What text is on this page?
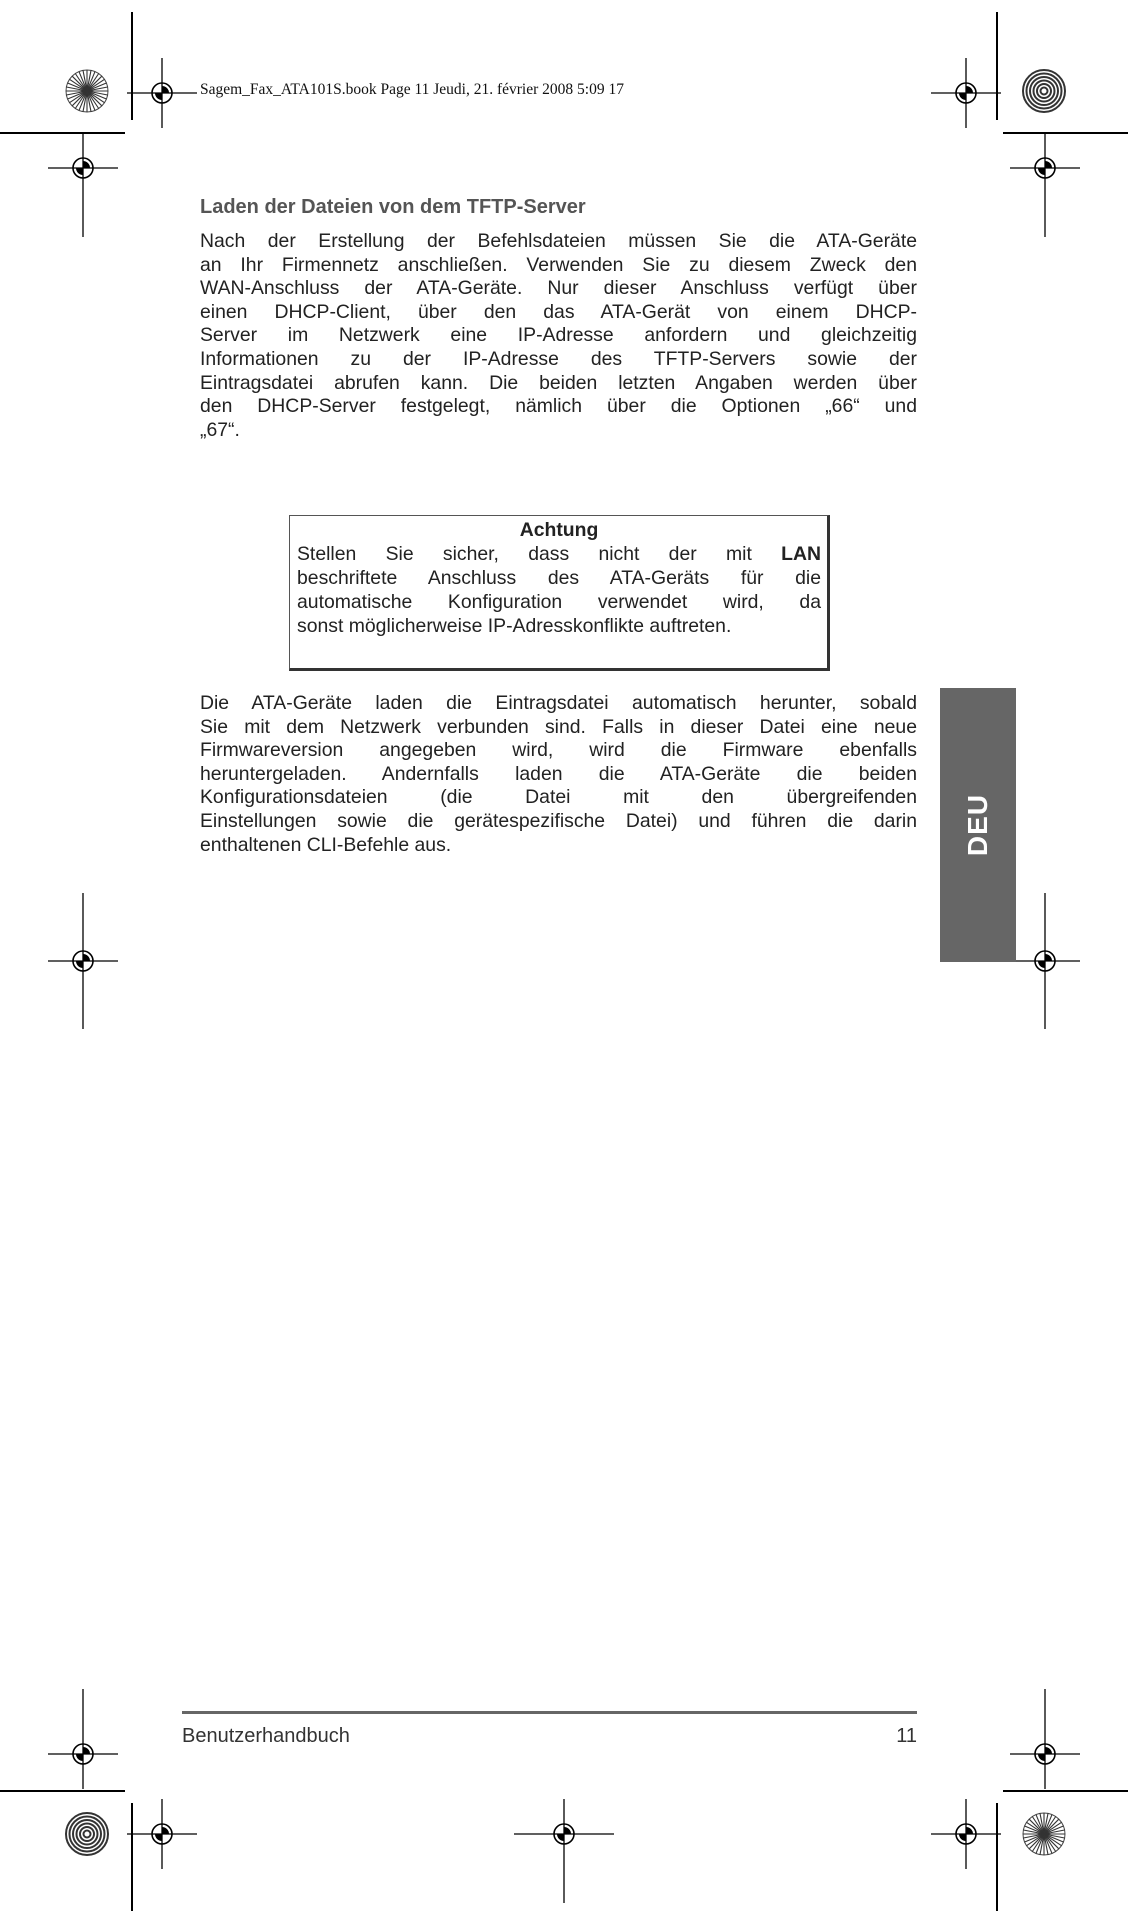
Sagem_Fax_ATA101S.book Page 11 Jeudi, 21. février 2008 5:09 17
Laden der Dateien von dem TFTP-Server
Nach der Erstellung der Befehlsdateien müssen Sie die ATA-Geräte
an Ihr Firmennetz anschließen. Verwenden Sie zu diesem Zweck den
WAN-Anschluss der ATA-Geräte. Nur dieser Anschluss verfügt über
einen DHCP-Client, über den das ATA-Gerät von einem DHCP-
Server im Netzwerk eine IP-Adresse anfordern und gleichzeitig
Informationen zu der IP-Adresse des TFTP-Servers sowie der
Eintragsdatei abrufen kann. Die beiden letzten Angaben werden über
den DHCP-Server festgelegt, nämlich über die Optionen „66“ und
„67“.
Achtung
Stellen Sie sicher, dass nicht der mit LAN
beschriftete Anschluss des ATA-Geräts für die
automatische Konfiguration verwendet wird, da
sonst möglicherweise IP-Adresskonflikte auftreten.
Die ATA-Geräte laden die Eintragsdatei automatisch herunter, sobald
Sie mit dem Netzwerk verbunden sind. Falls in dieser Datei eine neue
Firmwareversion angegeben wird, wird die Firmware ebenfalls
heruntergeladen. Andernfalls laden die ATA-Geräte die beiden
Konfigurationsdateien (die Datei mit den übergreifenden
Einstellungen sowie die gerätespezifische Datei) und führen die darin
enthaltenen CLI-Befehle aus.	DEU
Benutzerhandbuch	11
